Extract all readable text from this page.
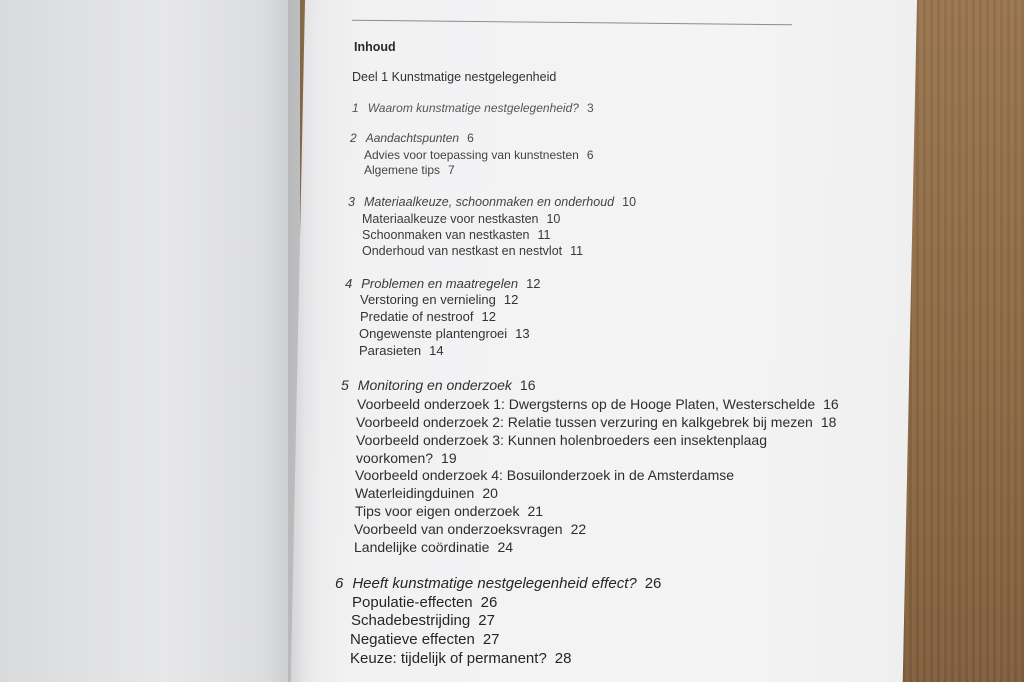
Inhoud
Deel 1 Kunstmatige nestgelegenheid
1 Waarom kunstmatige nestgelegenheid? 3
2 Aandachtspunten 6
Advies voor toepassing van kunstnesten 6
Algemene tips 7
3 Materiaalkeuze, schoonmaken en onderhoud 10
Materiaalkeuze voor nestkasten 10
Schoonmaken van nestkasten 11
Onderhoud van nestkast en nestvlot 11
4 Problemen en maatregelen 12
Verstoring en vernieling 12
Predatie of nestroof 12
Ongewenste plantengroei 13
Parasieten 14
5 Monitoring en onderzoek 16
Voorbeeld onderzoek 1: Dwergsterns op de Hooge Platen, Westerschelde 16
Voorbeeld onderzoek 2: Relatie tussen verzuring en kalkgebrek bij mezen 18
Voorbeeld onderzoek 3: Kunnen holenbroeders een insektenplaag
voorkomen? 19
Voorbeeld onderzoek 4: Bosuilonderzoek in de Amsterdamse
Waterleidingduinen 20
Tips voor eigen onderzoek 21
Voorbeeld van onderzoeksvragen 22
Landelijke coördinatie 24
6 Heeft kunstmatige nestgelegenheid effect? 26
Populatie-effecten 26
Schadebestrijding 27
Negatieve effecten 27
Keuze: tijdelijk of permanent? 28
